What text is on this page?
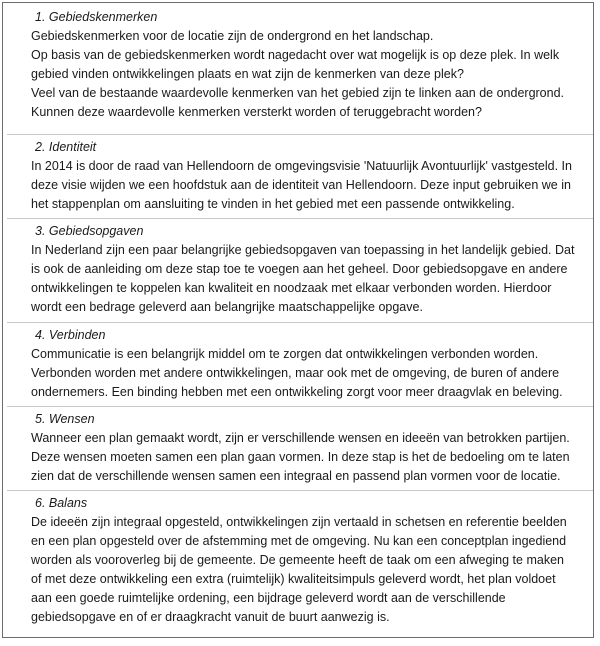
1. Gebiedskenmerken
Gebiedskenmerken voor de locatie zijn de ondergrond en het landschap.
Op basis van de gebiedskenmerken wordt nagedacht over wat mogelijk is op deze plek. In welk
gebied vinden ontwikkelingen plaats en wat zijn de kenmerken van deze plek?
Veel van de bestaande waardevolle kenmerken van het gebied zijn te linken aan de ondergrond.
Kunnen deze waardevolle kenmerken versterkt worden of teruggebracht worden?
2. Identiteit
In 2014 is door de raad van Hellendoorn de omgevingsvisie 'Natuurlijk Avontuurlijk' vastgesteld. In
deze visie wijden we een hoofdstuk aan de identiteit van Hellendoorn. Deze input gebruiken we in
het stappenplan om aansluiting te vinden in het gebied met een passende ontwikkeling.
3. Gebiedsopgaven
In Nederland zijn een paar belangrijke gebiedsopgaven van toepassing in het landelijk gebied. Dat
is ook de aanleiding om deze stap toe te voegen aan het geheel. Door gebiedsopgave en andere
ontwikkelingen te koppelen kan kwaliteit en noodzaak met elkaar verbonden worden. Hierdoor
wordt een bedrage geleverd aan belangrijke maatschappelijke opgave.
4. Verbinden
Communicatie is een belangrijk middel om te zorgen dat ontwikkelingen verbonden worden.
Verbonden worden met andere ontwikkelingen, maar ook met de omgeving, de buren of andere
ondernemers. Een binding hebben met een ontwikkeling zorgt voor meer draagvlak en beleving.
5. Wensen
Wanneer een plan gemaakt wordt, zijn er verschillende wensen en ideeën van betrokken partijen.
Deze wensen moeten samen een plan gaan vormen. In deze stap is het de bedoeling om te laten
zien dat de verschillende wensen samen een integraal en passend plan vormen voor de locatie.
6. Balans
De ideeën zijn integraal opgesteld, ontwikkelingen zijn vertaald in schetsen en referentie beelden
en een plan opgesteld over de afstemming met de omgeving. Nu kan een conceptplan ingediend
worden als vooroverleg bij de gemeente. De gemeente heeft de taak om een afweging te maken
of met deze ontwikkeling een extra (ruimtelijk) kwaliteitsimpuls geleverd wordt, het plan voldoet
aan een goede ruimtelijke ordening, een bijdrage geleverd wordt aan de verschillende
gebiedsopgave en of er draagkracht vanuit de buurt aanwezig is.
